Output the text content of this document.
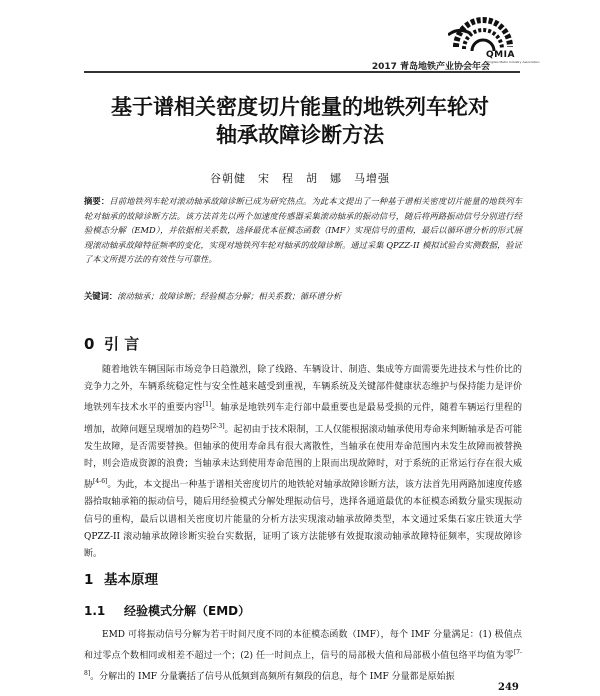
2017 青岛地铁产业协会年会
QMIA
Qingdao Metro Industry Association
基于谱相关密度切片能量的地铁列车轮对
轴承故障诊断方法
谷朝健　宋　程　胡　娜　马增强
摘要：目前地铁列车轮对滚动轴承故障诊断已成为研究热点。为此本文提出了一种基于谱相关密度切片能量的地铁列车轮对轴承的故障诊断方法。该方法首先以两个加速度传感器采集滚动轴承的振动信号，随后将两路振动信号分别进行经验模态分解（EMD），并依据相关系数，选择最优本征模态函数（IMF）实现信号的重构，最后以循环谱分析的形式展现滚动轴承故障特征频率的变化，实现对地铁列车轮对轴承的故障诊断。通过采集 QPZZ-II 模拟试验台实测数据，验证了本文所提方法的有效性与可靠性。
关键词：滚动轴承；故障诊断；经验模态分解；相关系数；循环谱分析
0 引 言
随着地铁车辆国际市场竞争日趋激烈，除了线路、车辆设计、制造、集成等方面需要先进技术与性价比的竞争力之外，车辆系统稳定性与安全性越来越受到重视，车辆系统及关键部件健康状态维护与保持能力是评价地铁列车技术水平的重要内容[1]。轴承是地铁列车走行部中最重要也是最易受损的元件，随着车辆运行里程的增加，故障问题呈现增加的趋势[2-3]。起初由于技术限制，工人仅能根据滚动轴承使用寿命来判断轴承是否可能发生故障，是否需要替换。但轴承的使用寿命具有很大离散性，当轴承在使用寿命范围内未发生故障而被替换时，则会造成资源的浪费；当轴承未达到使用寿命范围的上限而出现故障时，对于系统的正常运行存在很大威胁[4-6]。为此，本文提出一种基于谱相关密度切片的地铁轮对轴承故障诊断方法，该方法首先用两路加速度传感器拾取轴承箱的振动信号，随后用经验模式分解处理振动信号，选择各通道最优的本征模态函数分量实现振动信号的重构，最后以谱相关密度切片能量的分析方法实现滚动轴承故障类型，本文通过采集石家庄铁道大学 QPZZ-II 滚动轴承故障诊断实验台实数据，证明了该方法能够有效提取滚动轴承故障特征频率，实现故障诊断。
1 基本原理
1.1 经验模式分解（EMD）
EMD 可将振动信号分解为若干时间尺度不同的本征模态函数（IMF），每个 IMF 分量满足：(1) 极值点和过零点个数相同或相差不超过一个；(2) 任一时间点上，信号的局部极大值和局部极小值包络平均值为零[7-8]。分解出的 IMF 分量囊括了信号从低频到高频所有频段的信息，每个 IMF 分量都是原始振
249
